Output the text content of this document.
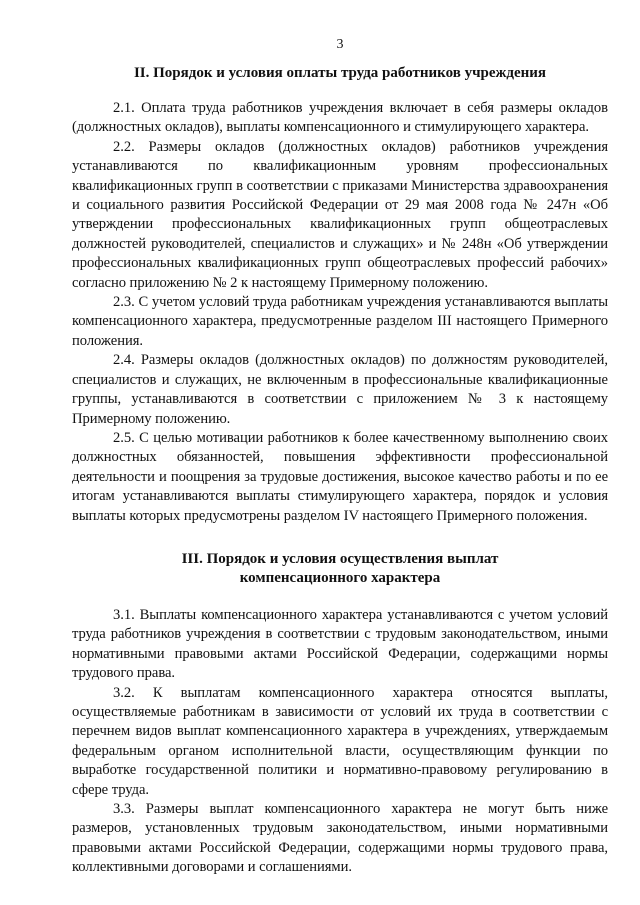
3
II. Порядок и условия оплаты труда работников учреждения

2.1. Оплата труда работников учреждения включает в себя размеры окладов (должностных окладов), выплаты компенсационного и стимулирующего характера.

2.2. Размеры окладов (должностных окладов) работников учреждения устанавливаются по квалификационным уровням профессиональных квалификационных групп в соответствии с приказами Министерства здравоохранения и социального развития Российской Федерации от 29 мая 2008 года № 247н «Об утверждении профессиональных квалификационных групп общеотраслевых должностей руководителей, специалистов и служащих» и № 248н «Об утверждении профессиональных квалификационных групп общеотраслевых профессий рабочих» согласно приложению № 2 к настоящему Примерному положению.

2.3. С учетом условий труда работникам учреждения устанавливаются выплаты компенсационного характера, предусмотренные разделом III настоящего Примерного положения.

2.4. Размеры окладов (должностных окладов) по должностям руководителей, специалистов и служащих, не включенным в профессиональные квалификационные группы, устанавливаются в соответствии с приложением № 3 к настоящему Примерному положению.

2.5. С целью мотивации работников к более качественному выполнению своих должностных обязанностей, повышения эффективности профессиональной деятельности и поощрения за трудовые достижения, высокое качество работы и по ее итогам устанавливаются выплаты стимулирующего характера, порядок и условия выплаты которых предусмотрены разделом IV настоящего Примерного положения.

III. Порядок и условия осуществления выплат
компенсационного характера

3.1. Выплаты компенсационного характера устанавливаются с учетом условий труда работников учреждения в соответствии с трудовым законодательством, иными нормативными правовыми актами Российской Федерации, содержащими нормы трудового права.

3.2. К выплатам компенсационного характера относятся выплаты, осуществляемые работникам в зависимости от условий их труда в соответствии с перечнем видов выплат компенсационного характера в учреждениях, утверждаемым федеральным органом исполнительной власти, осуществляющим функции по выработке государственной политики и нормативно-правовому регулированию в сфере труда.

3.3. Размеры выплат компенсационного характера не могут быть ниже размеров, установленных трудовым законодательством, иными нормативными правовыми актами Российской Федерации, содержащими нормы трудового права, коллективными договорами и соглашениями.
